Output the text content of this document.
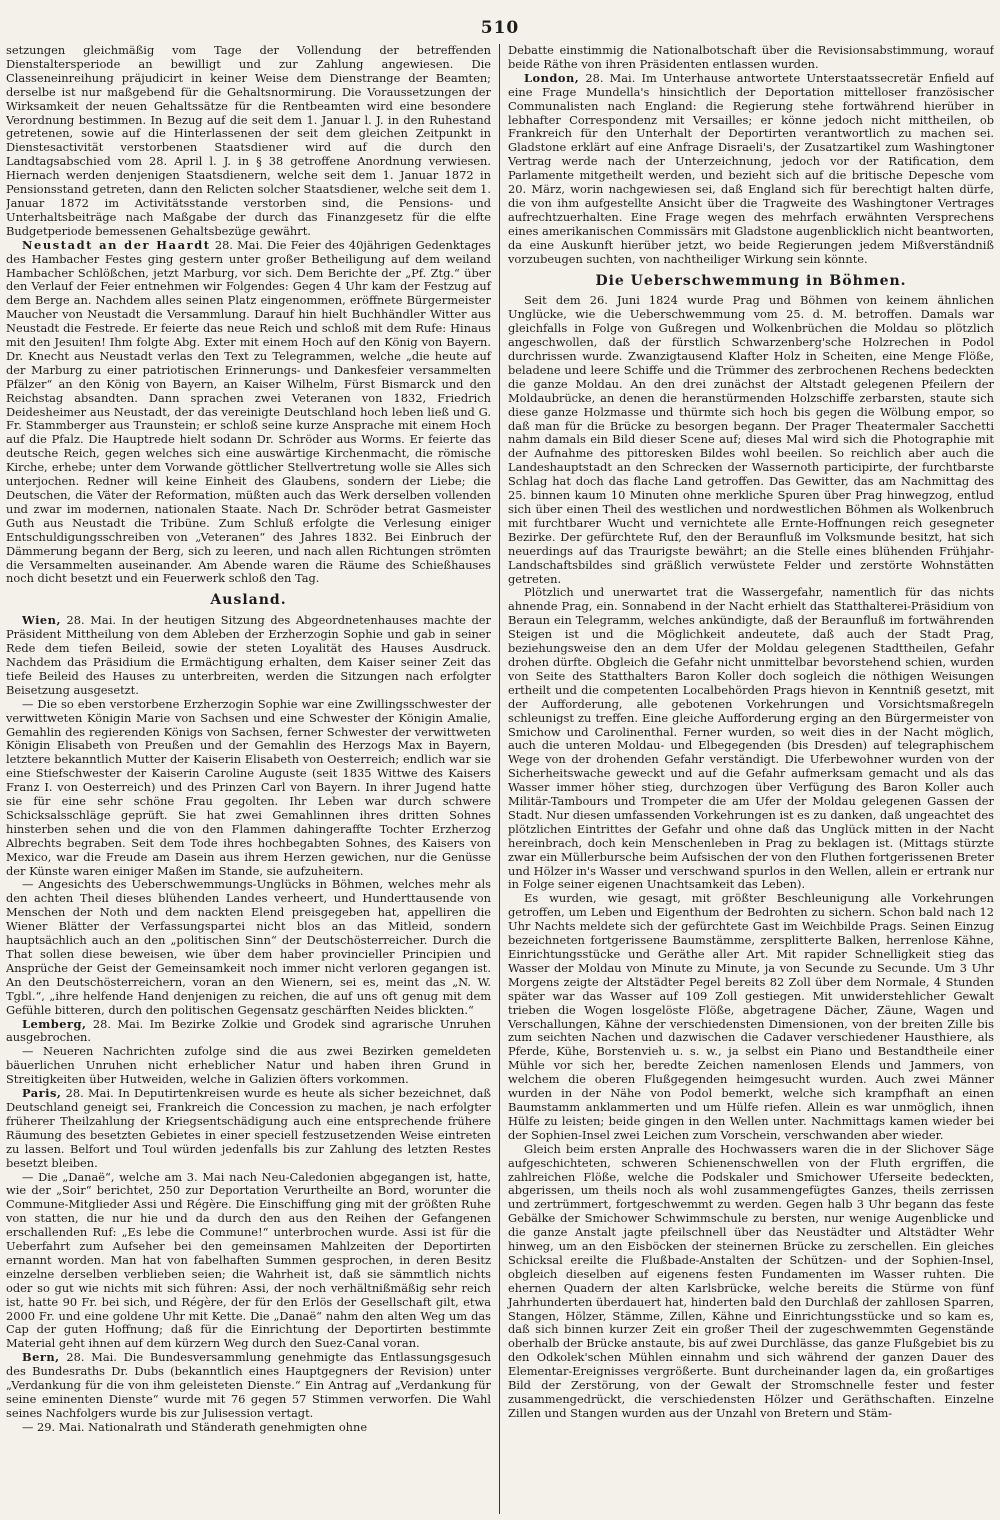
510

setzungen gleichmäßig vom Tage der Vollendung der betreffenden Dienstaltersperiode an bewilligt und zur Zahlung angewiesen. Die Classeneinreihung präjudicirt in keiner Weise dem Dienstrange der Beamten; derselbe ist nur maßgebend für die Gehaltsnormirung. Die Voraussetzungen der Wirksamkeit der neuen Gehaltssätze für die Rentbeamten wird eine besondere Verordnung bestimmen. In Bezug auf die seit dem 1. Januar l. J. in den Ruhestand getretenen, sowie auf die Hinterlassenen der seit dem gleichen Zeitpunkt in Dienstesactivität verstorbenen Staatsdiener wird auf die durch den Landtagsabschied vom 28. April l. J. in § 38 getroffene Anordnung verwiesen. Hiernach werden denjenigen Staatsdienern, welche seit dem 1. Januar 1872 in Pensionsstand getreten, dann den Relicten solcher Staatsdiener, welche seit dem 1. Januar 1872 im Activitätsstande verstorben sind, die Pensions- und Unterhaltsbeiträge nach Maßgabe der durch das Finanzgesetz für die elfte Budgetperiode bemessenen Gehaltsbezüge gewährt.

Neustadt an der Haardt 28. Mai. Die Feier des 40jährigen Gedenktages des Hambacher Festes ging gestern unter großer Betheiligung auf dem weiland Hambacher Schlößchen, jetzt Marburg, vor sich. Dem Berichte der „Pf. Ztg.“ über den Verlauf der Feier entnehmen wir Folgendes: Gegen 4 Uhr kam der Festzug auf dem Berge an. Nachdem alles seinen Platz eingenommen, eröffnete Bürgermeister Maucher von Neustadt die Versammlung. Darauf hin hielt Buchhändler Witter aus Neustadt die Festrede. Er feierte das neue Reich und schloß mit dem Rufe: Hinaus mit den Jesuiten! Ihm folgte Abg. Exter mit einem Hoch auf den König von Bayern. Dr. Knecht aus Neustadt verlas den Text zu Telegrammen, welche „die heute auf der Marburg zu einer patriotischen Erinnerungs- und Dankesfeier versammelten Pfälzer“ an den König von Bayern, an Kaiser Wilhelm, Fürst Bismarck und den Reichstag absandten. Dann sprachen zwei Veteranen von 1832, Friedrich Deidesheimer aus Neustadt, der das vereinigte Deutschland hoch leben ließ und G. Fr. Stammberger aus Traunstein; er schloß seine kurze Ansprache mit einem Hoch auf die Pfalz. Die Hauptrede hielt sodann Dr. Schröder aus Worms. Er feierte das deutsche Reich, gegen welches sich eine auswärtige Kirchenmacht, die römische Kirche, erhebe; unter dem Vorwande göttlicher Stellvertretung wolle sie Alles sich unterjochen. Redner will keine Einheit des Glaubens, sondern der Liebe; die Deutschen, die Väter der Reformation, müßten auch das Werk derselben vollenden und zwar im modernen, nationalen Staate. Nach Dr. Schröder betrat Gasmeister Guth aus Neustadt die Tribüne. Zum Schluß erfolgte die Verlesung einiger Entschuldigungsschreiben von „Veteranen“ des Jahres 1832. Bei Einbruch der Dämmerung begann der Berg, sich zu leeren, und nach allen Richtungen strömten die Versammelten auseinander. Am Abende waren die Räume des Schießhauses noch dicht besetzt und ein Feuerwerk schloß den Tag.

Ausland.

Wien, 28. Mai. In der heutigen Sitzung des Abgeordnetenhauses machte der Präsident Mittheilung von dem Ableben der Erzherzogin Sophie und gab in seiner Rede dem tiefen Beileid, sowie der steten Loyalität des Hauses Ausdruck. Nachdem das Präsidium die Ermächtigung erhalten, dem Kaiser seiner Zeit das tiefe Beileid des Hauses zu unterbreiten, werden die Sitzungen nach erfolgter Beisetzung ausgesetzt.

— Die so eben verstorbene Erzherzogin Sophie war eine Zwillingsschwester der verwittweten Königin Marie von Sachsen und eine Schwester der Königin Amalie, Gemahlin des regierenden Königs von Sachsen, ferner Schwester der verwittweten Königin Elisabeth von Preußen und der Gemahlin des Herzogs Max in Bayern, letztere bekanntlich Mutter der Kaiserin Elisabeth von Oesterreich; endlich war sie eine Stiefschwester der Kaiserin Caroline Auguste (seit 1835 Wittwe des Kaisers Franz I. von Oesterreich) und des Prinzen Carl von Bayern. In ihrer Jugend hatte sie für eine sehr schöne Frau gegolten. Ihr Leben war durch schwere Schicksalsschläge geprüft. Sie hat zwei Gemahlinnen ihres dritten Sohnes hinsterben sehen und die von den Flammen dahingeraffte Tochter Erzherzog Albrechts begraben. Seit dem Tode ihres hochbegabten Sohnes, des Kaisers von Mexico, war die Freude am Dasein aus ihrem Herzen gewichen, nur die Genüsse der Künste waren einiger Maßen im Stande, sie aufzuheitern.

— Angesichts des Ueberschwemmungs-Unglücks in Böhmen, welches mehr als den achten Theil dieses blühenden Landes verheert, und Hunderttausende von Menschen der Noth und dem nackten Elend preisgegeben hat, appelliren die Wiener Blätter der Verfassungspartei nicht blos an das Mitleid, sondern hauptsächlich auch an den „politischen Sinn“ der Deutschösterreicher. Durch die That sollen diese beweisen, wie über dem haber provincieller Principien und Ansprüche der Geist der Gemeinsamkeit noch immer nicht verloren gegangen ist. An den Deutschösterreichern, voran an den Wienern, sei es, meint das „N. W. Tgbl.“, „ihre helfende Hand denjenigen zu reichen, die auf uns oft genug mit dem Gefühle bitteren, durch den politischen Gegensatz geschärften Neides blickten.“

Lemberg, 28. Mai. Im Bezirke Zolkie und Grodek sind agrarische Unruhen ausgebrochen.

— Neueren Nachrichten zufolge sind die aus zwei Bezirken gemeldeten bäuerlichen Unruhen nicht erheblicher Natur und haben ihren Grund in Streitigkeiten über Hutweiden, welche in Galizien öfters vorkommen.

Paris, 28. Mai. In Deputirtenkreisen wurde es heute als sicher bezeichnet, daß Deutschland geneigt sei, Frankreich die Concession zu machen, je nach erfolgter früherer Theilzahlung der Kriegsentschädigung auch eine entsprechende frühere Räumung des besetzten Gebietes in einer speciell festzusetzenden Weise eintreten zu lassen. Belfort und Toul würden jedenfalls bis zur Zahlung des letzten Restes besetzt bleiben.

— Die „Danaë“, welche am 3. Mai nach Neu-Caledonien abgegangen ist, hatte, wie der „Soir“ berichtet, 250 zur Deportation Verurtheilte an Bord, worunter die Commune-Mitglieder Assi und Régère. Die Einschiffung ging mit der größten Ruhe von statten, die nur hie und da durch den aus den Reihen der Gefangenen erschallenden Ruf: „Es lebe die Commune!“ unterbrochen wurde. Assi ist für die Ueberfahrt zum Aufseher bei den gemeinsamen Mahlzeiten der Deportirten ernannt worden. Man hat von fabelhaften Summen gesprochen, in deren Besitz einzelne derselben verblieben seien; die Wahrheit ist, daß sie sämmtlich nichts oder so gut wie nichts mit sich führen: Assi, der noch verhältnißmäßig sehr reich ist, hatte 90 Fr. bei sich, und Régère, der für den Erlös der Gesellschaft gilt, etwa 2000 Fr. und eine goldene Uhr mit Kette. Die „Danaë“ nahm den alten Weg um das Cap der guten Hoffnung; daß für die Einrichtung der Deportirten bestimmte Material geht ihnen auf dem kürzern Weg durch den Suez-Canal voran.

Bern, 28. Mai. Die Bundesversammlung genehmigte das Entlassungsgesuch des Bundesraths Dr. Dubs (bekanntlich eines Hauptgegners der Revision) unter „Verdankung für die von ihm geleisteten Dienste.“ Ein Antrag auf „Verdankung für seine eminenten Dienste“ wurde mit 76 gegen 57 Stimmen verworfen. Die Wahl seines Nachfolgers wurde bis zur Julisession vertagt.

— 29. Mai. Nationalrath und Ständerath genehmigten ohne

Debatte einstimmig die Nationalbotschaft über die Revisionsabstimmung, worauf beide Räthe von ihren Präsidenten entlassen wurden.

London, 28. Mai. Im Unterhause antwortete Unterstaatssecretär Enfield auf eine Frage Mundella's hinsichtlich der Deportation mittelloser französischer Communalisten nach England: die Regierung stehe fortwährend hierüber in lebhafter Correspondenz mit Versailles; er könne jedoch nicht mittheilen, ob Frankreich für den Unterhalt der Deportirten verantwortlich zu machen sei. Gladstone erklärt auf eine Anfrage Disraeli's, der Zusatzartikel zum Washingtoner Vertrag werde nach der Unterzeichnung, jedoch vor der Ratification, dem Parlamente mitgetheilt werden, und bezieht sich auf die britische Depesche vom 20. März, worin nachgewiesen sei, daß England sich für berechtigt halten dürfe, die von ihm aufgestellte Ansicht über die Tragweite des Washingtoner Vertrages aufrechtzuerhalten. Eine Frage wegen des mehrfach erwähnten Versprechens eines amerikanischen Commissärs mit Gladstone augenblicklich nicht beantworten, da eine Auskunft hierüber jetzt, wo beide Regierungen jedem Mißverständniß vorzubeugen suchten, von nachtheiliger Wirkung sein könnte.

Die Ueberschwemmung in Böhmen.

Seit dem 26. Juni 1824 wurde Prag und Böhmen von keinem ähnlichen Unglücke, wie die Ueberschwemmung vom 25. d. M. betroffen. Damals war gleichfalls in Folge von Gußregen und Wolkenbrüchen die Moldau so plötzlich angeschwollen, daß der fürstlich Schwarzenberg'sche Holzrechen in Podol durchrissen wurde. Zwanzigtausend Klafter Holz in Scheiten, eine Menge Flöße, beladene und leere Schiffe und die Trümmer des zerbrochenen Rechens bedeckten die ganze Moldau. An den drei zunächst der Altstadt gelegenen Pfeilern der Moldaubrücke, an denen die heranstürmenden Holzschiffe zerbarsten, staute sich diese ganze Holzmasse und thürmte sich hoch bis gegen die Wölbung empor, so daß man für die Brücke zu besorgen begann. Der Prager Theatermaler Sacchetti nahm damals ein Bild dieser Scene auf; dieses Mal wird sich die Photographie mit der Aufnahme des pittoresken Bildes wohl beeilen. So reichlich aber auch die Landeshauptstadt an den Schrecken der Wassernoth participirte, der furchtbarste Schlag hat doch das flache Land getroffen. Das Gewitter, das am Nachmittag des 25. binnen kaum 10 Minuten ohne merkliche Spuren über Prag hinwegzog, entlud sich über einen Theil des westlichen und nordwestlichen Böhmen als Wolkenbruch mit furchtbarer Wucht und vernichtete alle Ernte-Hoffnungen reich gesegneter Bezirke. Der gefürchtete Ruf, den der Beraunfluß im Volksmunde besitzt, hat sich neuerdings auf das Traurigste bewährt; an die Stelle eines blühenden Frühjahr-Landschaftsbildes sind gräßlich verwüstete Felder und zerstörte Wohnstätten getreten.

Plötzlich und unerwartet trat die Wassergefahr, namentlich für das nichts ahnende Prag, ein. Sonnabend in der Nacht erhielt das Statthalterei-Präsidium von Beraun ein Telegramm, welches ankündigte, daß der Beraunfluß im fortwährenden Steigen ist und die Möglichkeit andeutete, daß auch der Stadt Prag, beziehungsweise den an dem Ufer der Moldau gelegenen Stadttheilen, Gefahr drohen dürfte. Obgleich die Gefahr nicht unmittelbar bevorstehend schien, wurden von Seite des Statthalters Baron Koller doch sogleich die nöthigen Weisungen ertheilt und die competenten Localbehörden Prags hievon in Kenntniß gesetzt, mit der Aufforderung, alle gebotenen Vorkehrungen und Vorsichtsmaßregeln schleunigst zu treffen. Eine gleiche Aufforderung erging an den Bürgermeister von Smichow und Carolinenthal. Ferner wurden, so weit dies in der Nacht möglich, auch die unteren Moldau- und Elbegegenden (bis Dresden) auf telegraphischem Wege von der drohenden Gefahr verständigt. Die Uferbewohner wurden von der Sicherheitswache geweckt und auf die Gefahr aufmerksam gemacht und als das Wasser immer höher stieg, durchzogen über Verfügung des Baron Koller auch Militär-Tambours und Trompeter die am Ufer der Moldau gelegenen Gassen der Stadt. Nur diesen umfassenden Vorkehrungen ist es zu danken, daß ungeachtet des plötzlichen Eintrittes der Gefahr und ohne daß das Unglück mitten in der Nacht hereinbrach, doch kein Menschenleben in Prag zu beklagen ist. (Mittags stürzte zwar ein Müllerbursche beim Aufsischen der von den Fluthen fortgerissenen Breter und Hölzer in's Wasser und verschwand spurlos in den Wellen, allein er ertrank nur in Folge seiner eigenen Unachtsamkeit das Leben).

Es wurden, wie gesagt, mit größter Beschleunigung alle Vorkehrungen getroffen, um Leben und Eigenthum der Bedrohten zu sichern. Schon bald nach 12 Uhr Nachts meldete sich der gefürchtete Gast im Weichbilde Prags. Seinen Einzug bezeichneten fortgerissene Baumstämme, zersplitterte Balken, herrenlose Kähne, Einrichtungsstücke und Geräthe aller Art. Mit rapider Schnelligkeit stieg das Wasser der Moldau von Minute zu Minute, ja von Secunde zu Secunde. Um 3 Uhr Morgens zeigte der Altstädter Pegel bereits 82 Zoll über dem Normale, 4 Stunden später war das Wasser auf 109 Zoll gestiegen. Mit unwiderstehlicher Gewalt trieben die Wogen losgelöste Flöße, abgetragene Dächer, Zäune, Wagen und Verschallungen, Kähne der verschiedensten Dimensionen, von der breiten Zille bis zum seichten Nachen und dazwischen die Cadaver verschiedener Hausthiere, als Pferde, Kühe, Borstenvieh u. s. w., ja selbst ein Piano und Bestandtheile einer Mühle vor sich her, beredte Zeichen namenlosen Elends und Jammers, von welchem die oberen Flußgegenden heimgesucht wurden. Auch zwei Männer wurden in der Nähe von Podol bemerkt, welche sich krampfhaft an einen Baumstamm anklammerten und um Hülfe riefen. Allein es war unmöglich, ihnen Hülfe zu leisten; beide gingen in den Wellen unter. Nachmittags kamen wieder bei der Sophien-Insel zwei Leichen zum Vorschein, verschwanden aber wieder.

Gleich beim ersten Anpralle des Hochwassers waren die in der Slichover Säge aufgeschichteten, schweren Schienenschwellen von der Fluth ergriffen, die zahlreichen Flöße, welche die Podskaler und Smichower Uferseite bedeckten, abgerissen, um theils noch als wohl zusammengefügtes Ganzes, theils zerrissen und zertrümmert, fortgeschwemmt zu werden. Gegen halb 3 Uhr begann das feste Gebälke der Smichower Schwimmschule zu bersten, nur wenige Augenblicke und die ganze Anstalt jagte pfeilschnell über das Neustädter und Altstädter Wehr hinweg, um an den Eisböcken der steinernen Brücke zu zerschellen. Ein gleiches Schicksal ereilte die Flußbade-Anstalten der Schützen- und der Sophien-Insel, obgleich dieselben auf eigenens festen Fundamenten im Wasser ruhten. Die ehernen Quadern der alten Karlsbrücke, welche bereits die Stürme von fünf Jahrhunderten überdauert hat, hinderten bald den Durchlaß der zahllosen Sparren, Stangen, Hölzer, Stämme, Zillen, Kähne und Einrichtungsstücke und so kam es, daß sich binnen kurzer Zeit ein großer Theil der zugeschwemmten Gegenstände oberhalb der Brücke anstaute, bis auf zwei Durchlässe, das ganze Flußgebiet bis zu den Odkolek'schen Mühlen einnahm und sich während der ganzen Dauer des Elementar-Ereignisses vergrößerte. Bunt durcheinander lagen da, ein großartiges Bild der Zerstörung, von der Gewalt der Stromschnelle fester und fester zusammengedrückt, die verschiedensten Hölzer und Geräthschaften. Einzelne Zillen und Stangen wurden aus der Unzahl von Bretern und Stäm-
